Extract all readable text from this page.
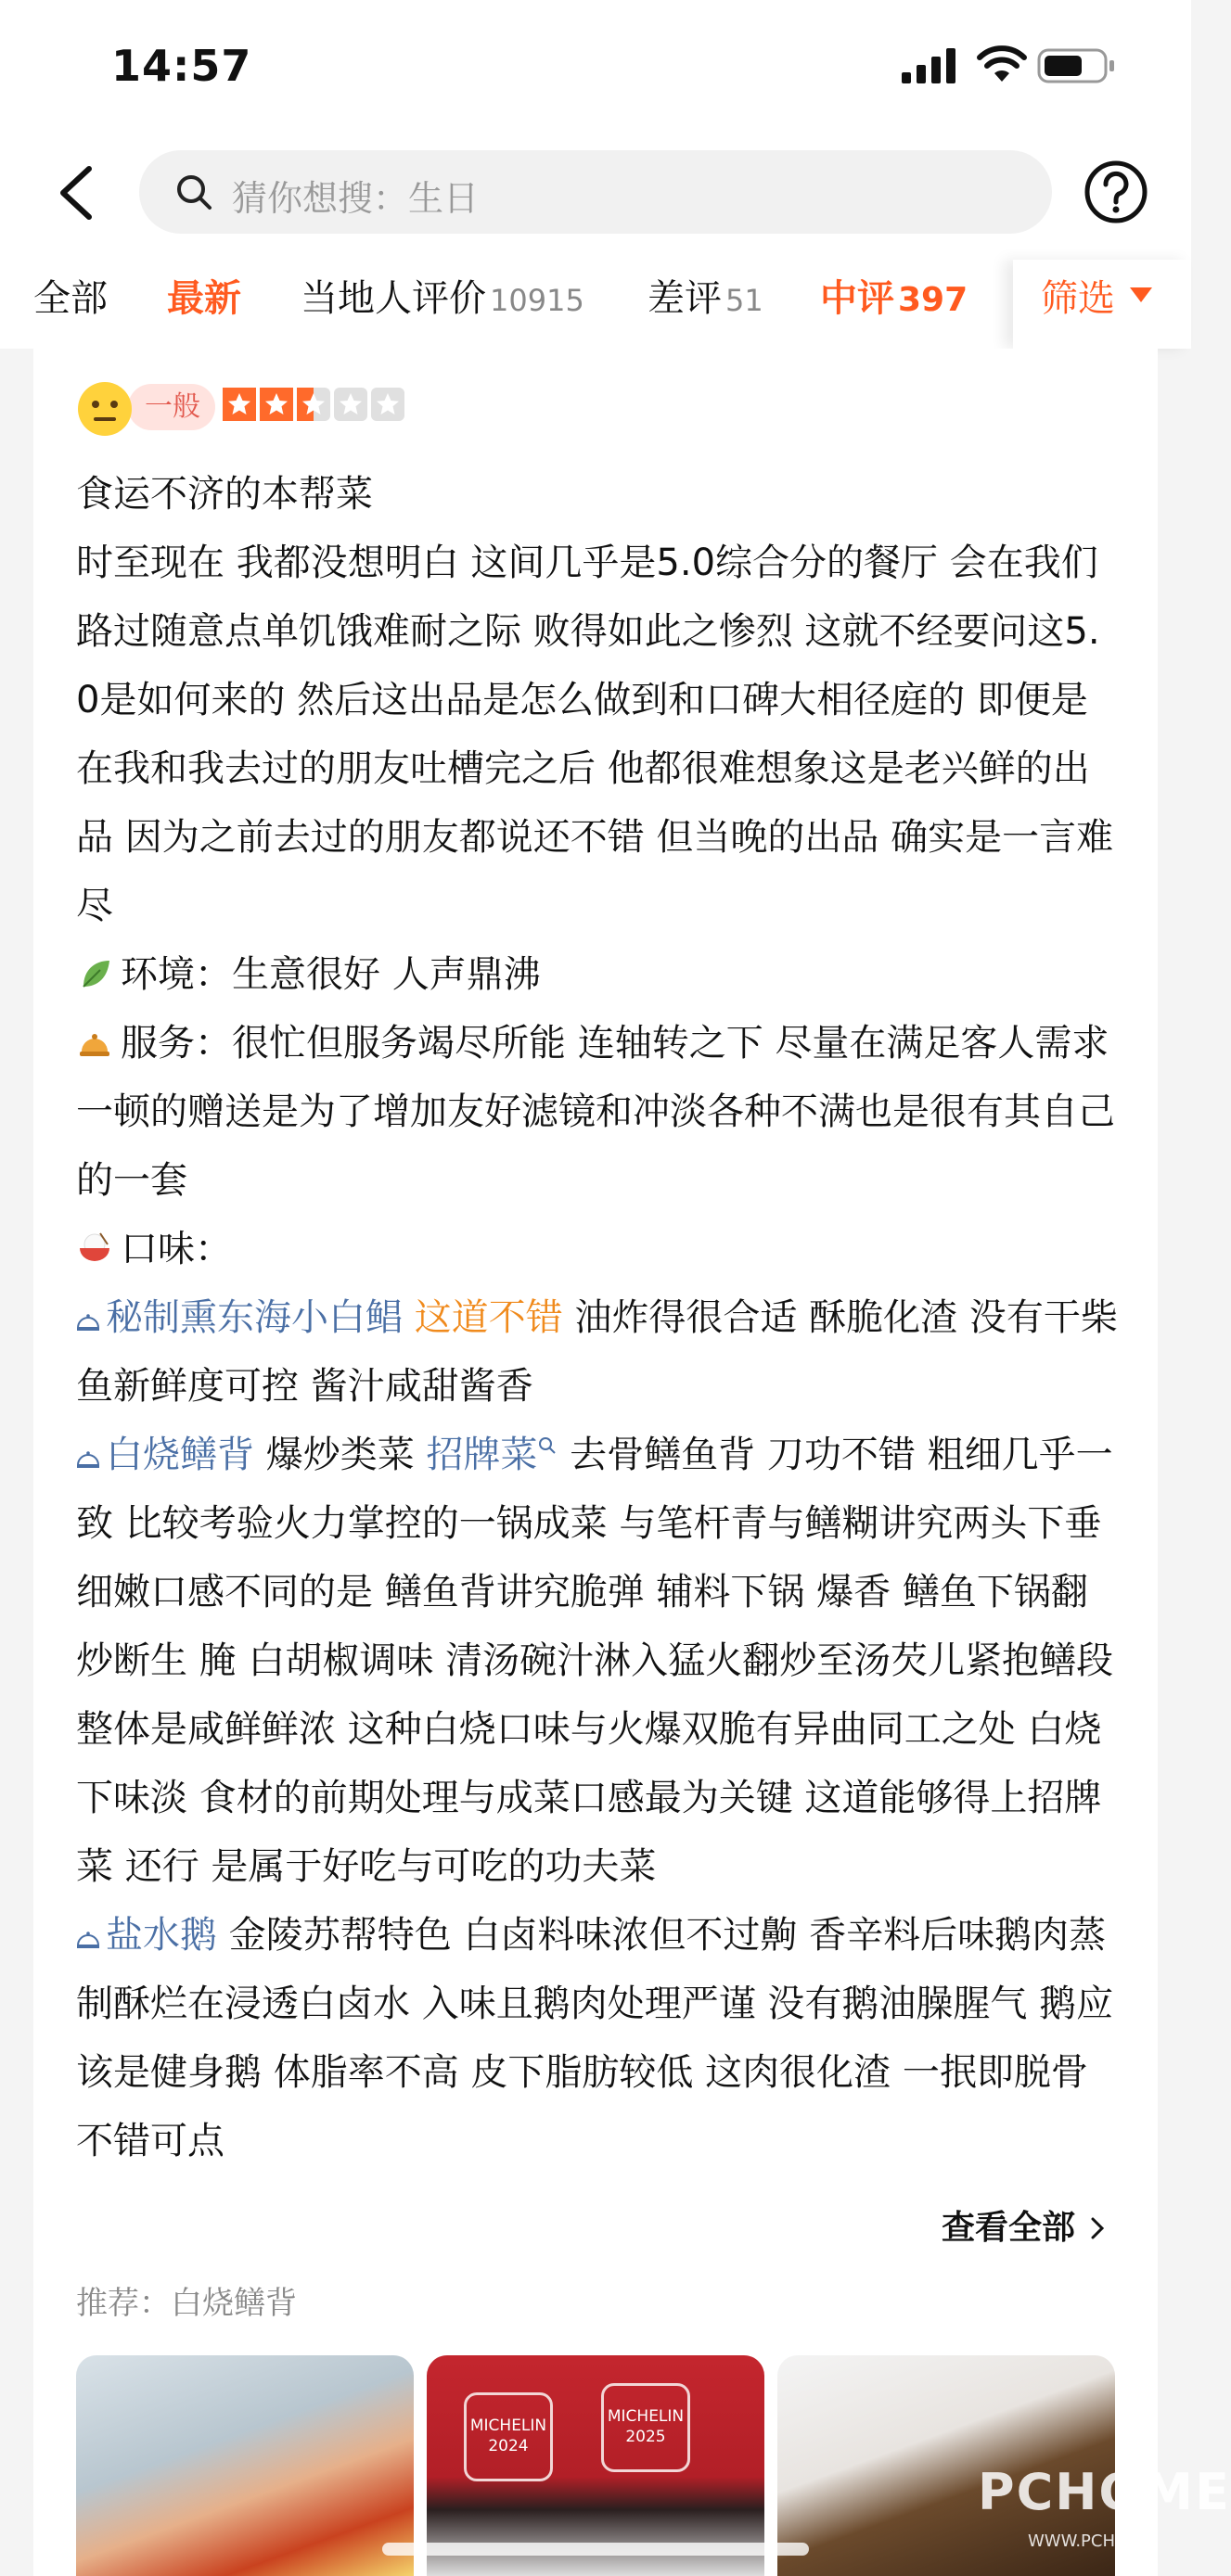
14:57
猜你想搜：生日
全部 最新 当地人评价 10915 差评 51 中评 397 筛选
一般

食运不济的本帮菜

时至现在 我都没想明白 这间几乎是5.0综合分的餐厅 会在我们路过随意点单饥饿难耐之际 败得如此之惨烈 这就不经要问这5.0是如何来的 然后这出品是怎么做到和口碑大相径庭的 即便是在我和我去过的朋友吐槽完之后 他都很难想象这是老兴鲜的出品 因为之前去过的朋友都说还不错 但当晚的出品 确实是一言难尽

环境：生意很好 人声鼎沸

服务：很忙但服务竭尽所能 连轴转之下 尽量在满足客人需求 一顿的赠送是为了增加友好滤镜和冲淡各种不满也是很有其自己的一套

口味：

秘制熏东海小白鲳 这道不错 油炸得很合适 酥脆化渣 没有干柴 鱼新鲜度可控 酱汁咸甜酱香

白烧鳝背 爆炒类菜 招牌菜 去骨鳝鱼背 刀功不错 粗细几乎一致 比较考验火力掌控的一锅成菜 与笔杆青与鳝糊讲究两头下垂细嫩口感不同的是 鳝鱼背讲究脆弹 辅料下锅 爆香 鳝鱼下锅翻炒断生 腌 白胡椒调味 清汤碗汁淋入猛火翻炒至汤芡儿紧抱鳝段 整体是咸鲜鲜浓 这种白烧口味与火爆双脆有异曲同工之处 白烧下味淡 食材的前期处理与成菜口感最为关键 这道能够得上招牌菜 还行 是属于好吃与可吃的功夫菜

盐水鹅 金陵苏帮特色 白卤料味浓但不过齁 香辛料后味鹅肉蒸制酥烂在浸透白卤水 入味且鹅肉处理严谨 没有鹅油臊腥气 鹅应该是健身鹅 体脂率不高 皮下脂肪较低 这肉很化渣 一抿即脱骨 不错可点

查看全部
推荐：白烧鳝背
MICHELIN 2024
MICHELIN 2025
PCHOME
WWW.PCHOME
